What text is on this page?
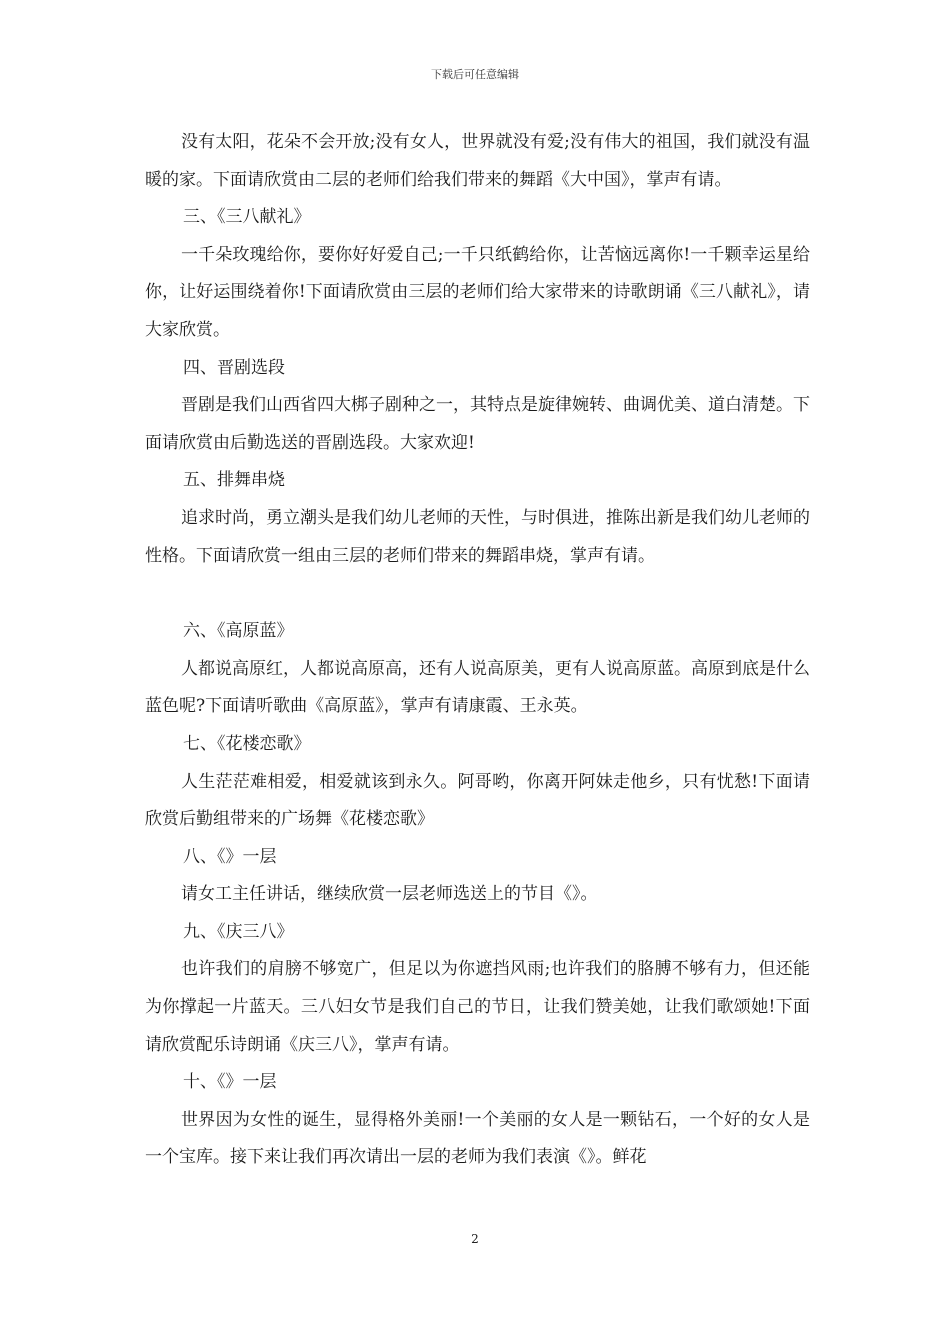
下载后可任意编辑

没有太阳，花朵不会开放;没有女人，世界就没有爱;没有伟大的祖国，我们就没有温暖的家。下面请欣赏由二层的老师们给我们带来的舞蹈《大中国》，掌声有请。

三、《三八献礼》

一千朵玫瑰给你，要你好好爱自己;一千只纸鹤给你，让苦恼远离你!一千颗幸运星给你，让好运围绕着你!下面请欣赏由三层的老师们给大家带来的诗歌朗诵《三八献礼》，请大家欣赏。

四、晋剧选段

晋剧是我们山西省四大梆子剧种之一，其特点是旋律婉转、曲调优美、道白清楚。下面请欣赏由后勤选送的晋剧选段。大家欢迎!

五、排舞串烧

追求时尚，勇立潮头是我们幼儿老师的天性，与时俱进，推陈出新是我们幼儿老师的性格。下面请欣赏一组由三层的老师们带来的舞蹈串烧，掌声有请。

六、《高原蓝》

人都说高原红，人都说高原高，还有人说高原美，更有人说高原蓝。高原到底是什么蓝色呢?下面请听歌曲《高原蓝》，掌声有请康霞、王永英。

七、《花楼恋歌》

人生茫茫难相爱，相爱就该到永久。阿哥哟，你离开阿妹走他乡，只有忧愁!下面请欣赏后勤组带来的广场舞《花楼恋歌》

八、《》一层

请女工主任讲话，继续欣赏一层老师选送上的节目《》。

九、《庆三八》

也许我们的肩膀不够宽广，但足以为你遮挡风雨;也许我们的胳膊不够有力，但还能为你撑起一片蓝天。三八妇女节是我们自己的节日，让我们赞美她，让我们歌颂她!下面请欣赏配乐诗朗诵《庆三八》，掌声有请。

十、《》一层

世界因为女性的诞生，显得格外美丽!一个美丽的女人是一颗钻石，一个好的女人是一个宝库。接下来让我们再次请出一层的老师为我们表演《》。鲜花

2
